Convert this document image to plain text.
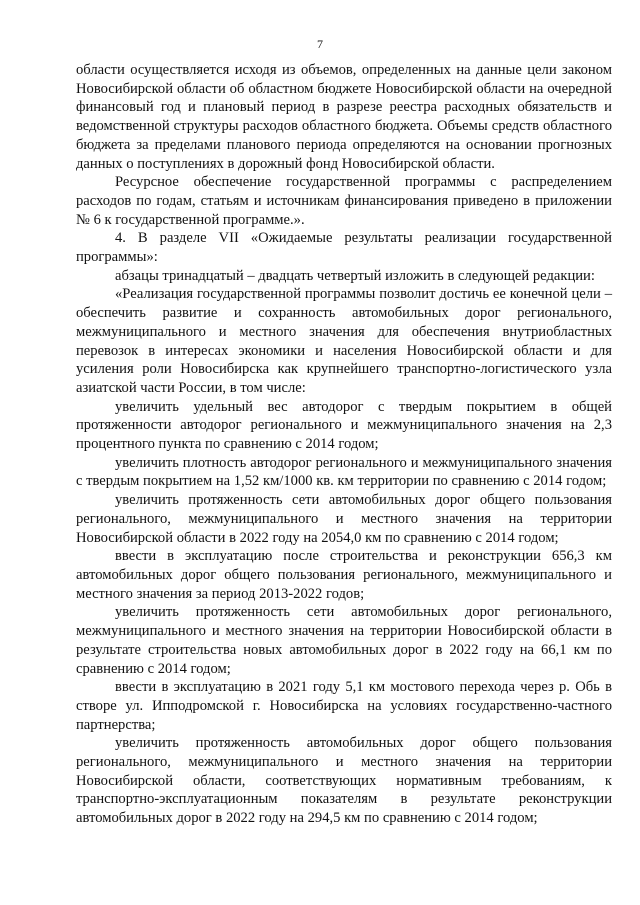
7

области осуществляется исходя из объемов, определенных на данные цели законом Новосибирской области об областном бюджете Новосибирской области на очередной финансовый год и плановый период в разрезе реестра расходных обязательств и ведомственной структуры расходов областного бюджета. Объемы средств областного бюджета за пределами планового периода определяются на основании прогнозных данных о поступлениях в дорожный фонд Новосибирской области.

Ресурсное обеспечение государственной программы с распределением расходов по годам, статьям и источникам финансирования приведено в приложении № 6 к государственной программе.».

4. В разделе VII «Ожидаемые результаты реализации государственной программы»:

абзацы тринадцатый – двадцать четвертый изложить в следующей редакции:

«Реализация государственной программы позволит достичь ее конечной цели – обеспечить развитие и сохранность автомобильных дорог регионального, межмуниципального и местного значения для обеспечения внутриобластных перевозок в интересах экономики и населения Новосибирской области и для усиления роли Новосибирска как крупнейшего транспортно-логистического узла азиатской части России, в том числе:

увеличить удельный вес автодорог с твердым покрытием в общей протяженности автодорог регионального и межмуниципального значения на 2,3 процентного пункта по сравнению с 2014 годом;

увеличить плотность автодорог регионального и межмуниципального значения с твердым покрытием на 1,52 км/1000 кв. км территории по сравнению с 2014 годом;

увеличить протяженность сети автомобильных дорог общего пользования регионального, межмуниципального и местного значения на территории Новосибирской области в 2022 году на 2054,0 км по сравнению с 2014 годом;

ввести в эксплуатацию после строительства и реконструкции 656,3 км автомобильных дорог общего пользования регионального, межмуниципального и местного значения за период 2013-2022 годов;

увеличить протяженность сети автомобильных дорог регионального, межмуниципального и местного значения на территории Новосибирской области в результате строительства новых автомобильных дорог в 2022 году на 66,1 км по сравнению с 2014 годом;

ввести в эксплуатацию в 2021 году 5,1 км мостового перехода через р. Обь в створе ул. Ипподромской г. Новосибирска на условиях государственно-частного партнерства;

увеличить протяженность автомобильных дорог общего пользования регионального, межмуниципального и местного значения на территории Новосибирской области, соответствующих нормативным требованиям, к транспортно-эксплуатационным показателям в результате реконструкции автомобильных дорог в 2022 году на 294,5 км по сравнению с 2014 годом;
